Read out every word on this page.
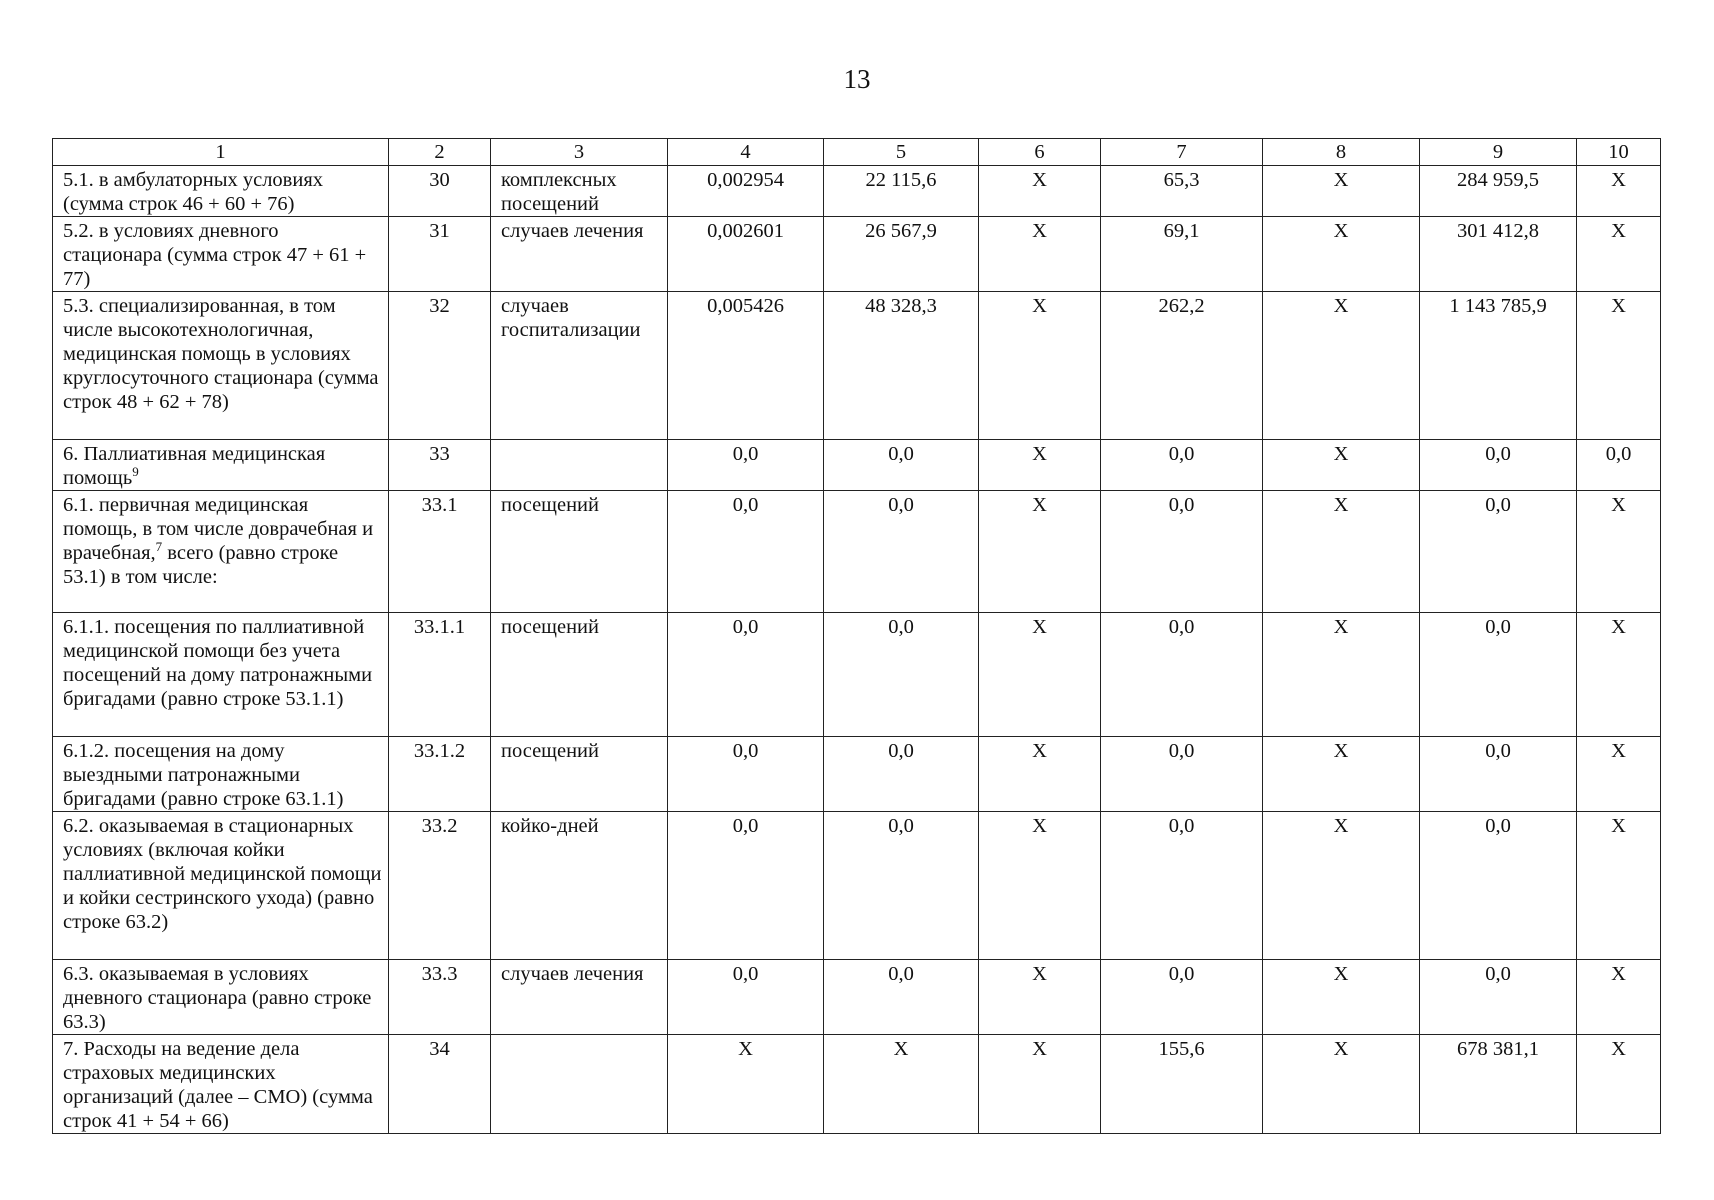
13
1	2	3	4	5	6	7	8	9	10
5.1. в амбулаторных условиях (сумма строк 46 + 60 + 76)	30	комплексных посещений	0,002954	22 115,6	Х	65,3	Х	284 959,5	Х
5.2. в условиях дневного стационара (сумма строк 47 + 61 + 77)	31	случаев лечения	0,002601	26 567,9	Х	69,1	Х	301 412,8	Х
5.3. специализированная, в том числе высокотехнологичная, медицинская помощь в условиях круглосуточного стационара (сумма строк 48 + 62 + 78)	32	случаев госпитализации	0,005426	48 328,3	Х	262,2	Х	1 143 785,9	Х
6. Паллиативная медицинская помощь$^9$	33		0,0	0,0	Х	0,0	Х	0,0	0,0
6.1. первичная медицинская помощь, в том числе доврачебная и врачебная,$^7$ всего (равно строке 53.1) в том числе:	33.1	посещений	0,0	0,0	Х	0,0	Х	0,0	Х
6.1.1. посещения по паллиативной медицинской помощи без учета посещений на дому патронажными бригадами (равно строке 53.1.1)	33.1.1	посещений	0,0	0,0	Х	0,0	Х	0,0	Х
6.1.2. посещения на дому выездными патронажными бригадами (равно строке 63.1.1)	33.1.2	посещений	0,0	0,0	Х	0,0	Х	0,0	Х
6.2. оказываемая в стационарных условиях (включая койки паллиативной медицинской помощи и койки сестринского ухода) (равно строке 63.2)	33.2	койко-дней	0,0	0,0	Х	0,0	Х	0,0	Х
6.3. оказываемая в условиях дневного стационара (равно строке 63.3)	33.3	случаев лечения	0,0	0,0	Х	0,0	Х	0,0	Х
7. Расходы на ведение дела страховых медицинских организаций (далее – СМО) (сумма строк 41 + 54 + 66)	34		Х	Х	Х	155,6	Х	678 381,1	Х
